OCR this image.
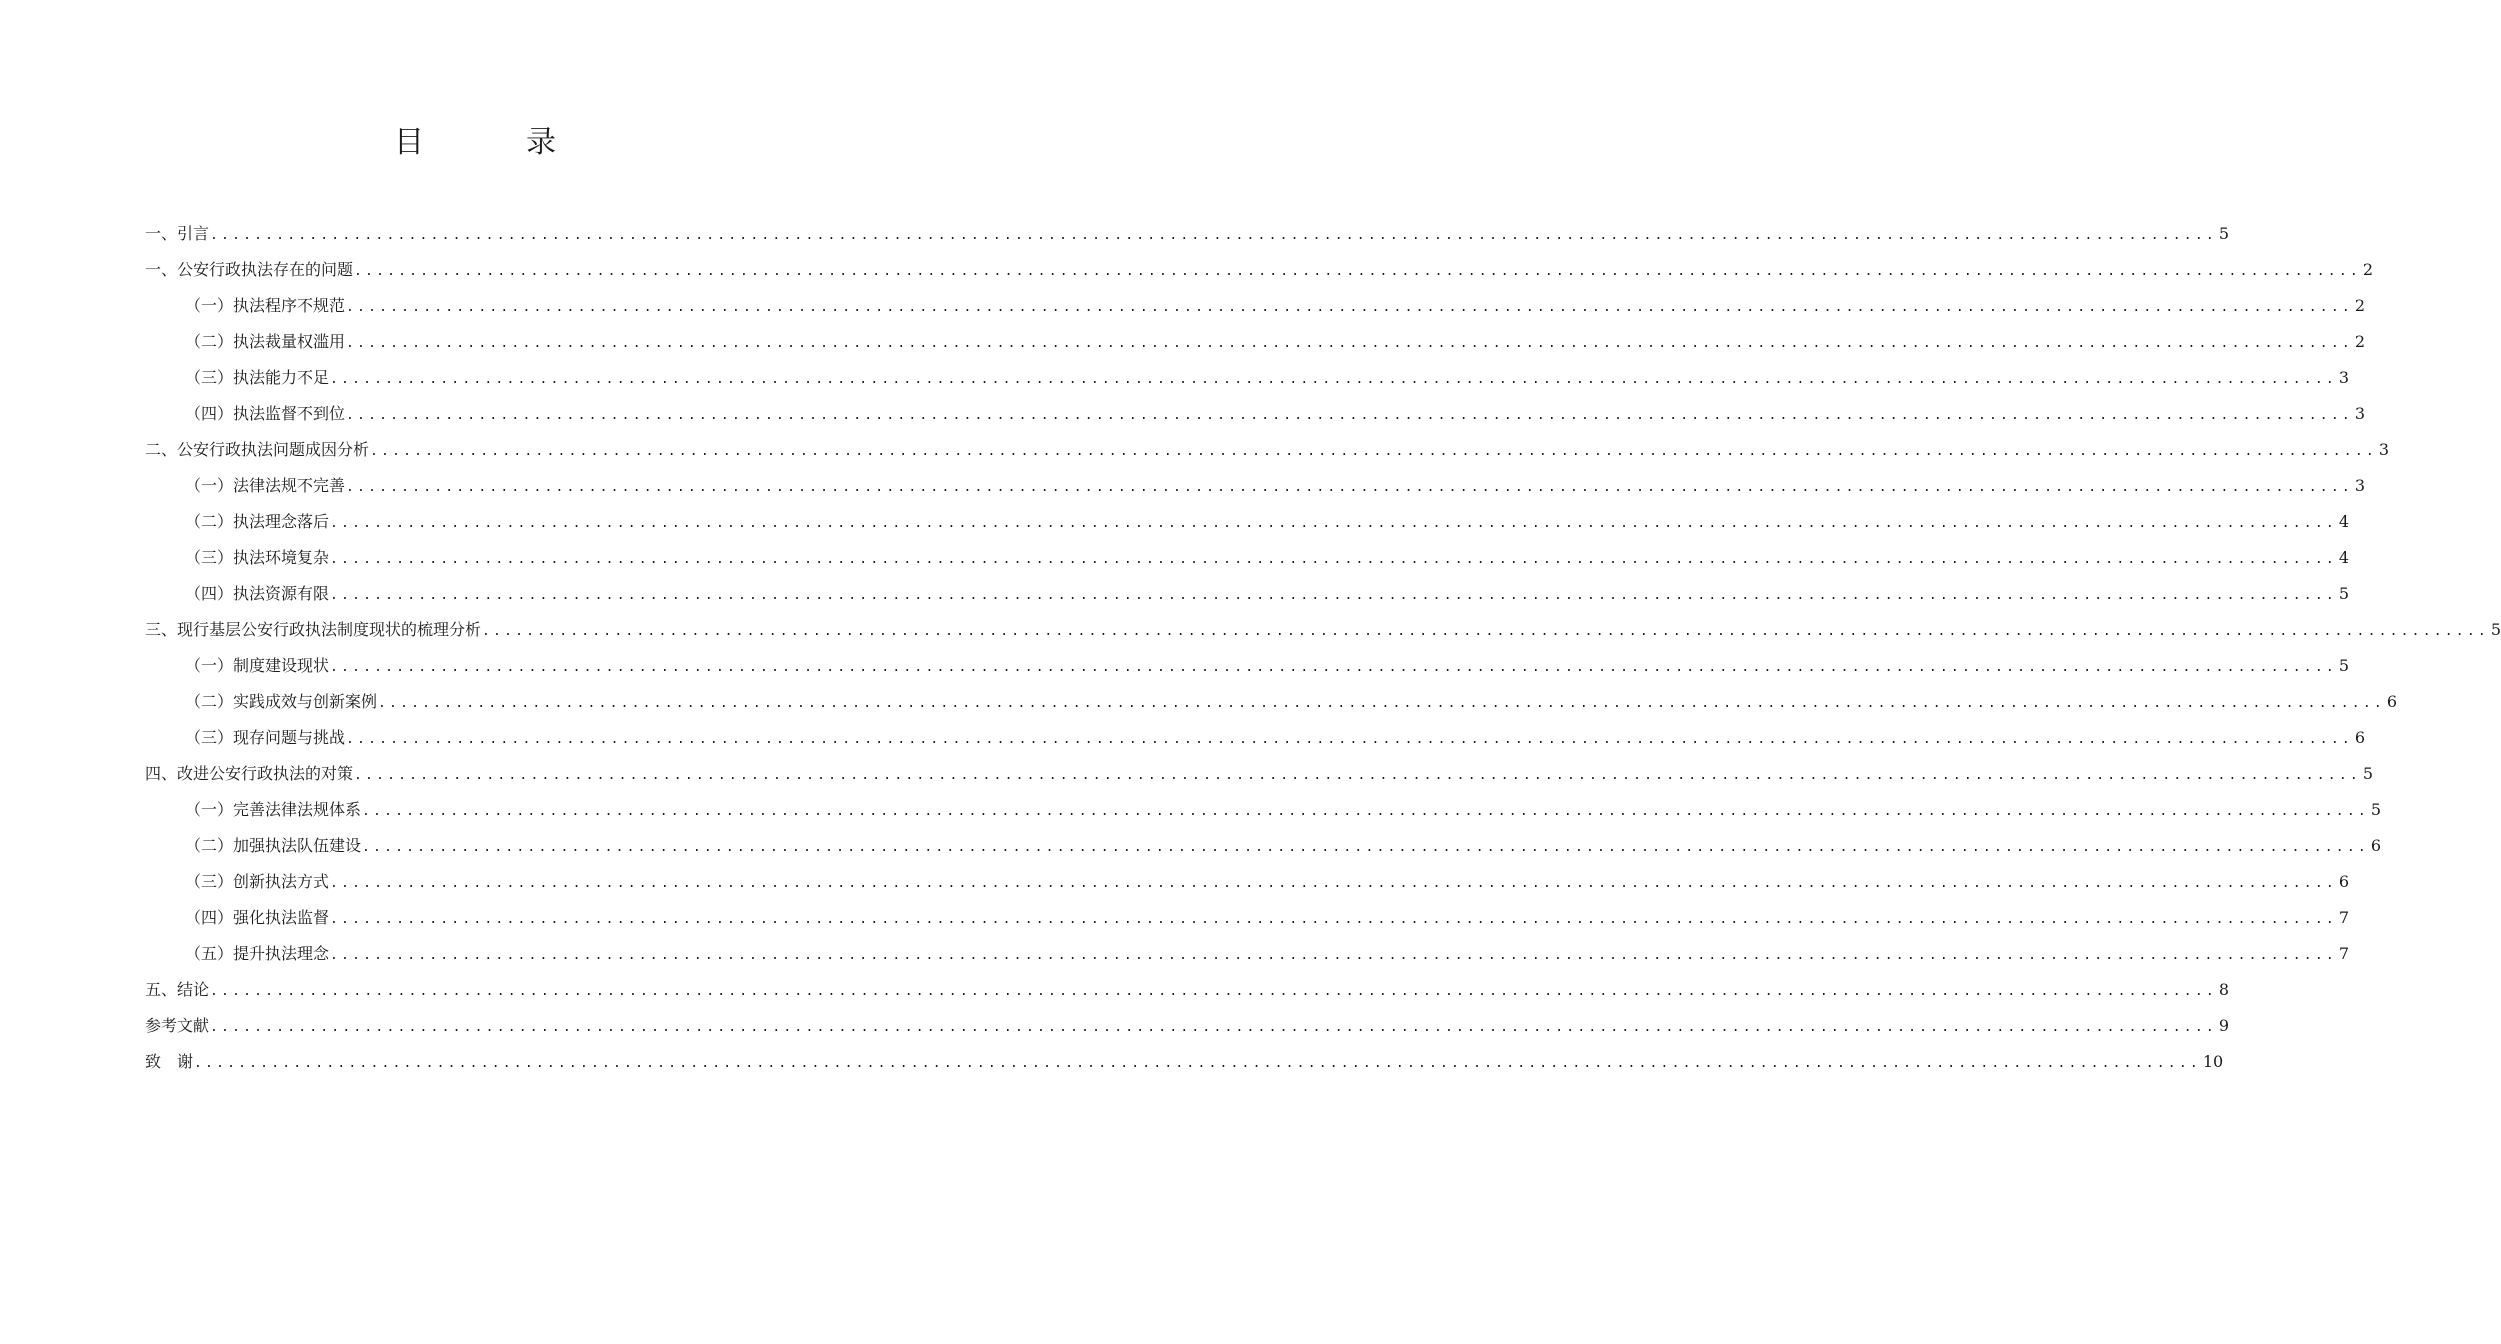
目　录
一、引言 ...................................................................................................................................................................................... 5
一、公安行政执法存在的问题 ...................................................................................................................................................................................... 2
（一）执法程序不规范 ...................................................................................................................................................................................... 2
（二）执法裁量权滥用 ...................................................................................................................................................................................... 2
（三）执法能力不足 ...................................................................................................................................................................................... 3
（四）执法监督不到位 ...................................................................................................................................................................................... 3
二、公安行政执法问题成因分析 ...................................................................................................................................................................................... 3
（一）法律法规不完善 ...................................................................................................................................................................................... 3
（二）执法理念落后 ...................................................................................................................................................................................... 4
（三）执法环境复杂 ...................................................................................................................................................................................... 4
（四）执法资源有限 ...................................................................................................................................................................................... 5
三、现行基层公安行政执法制度现状的梳理分析 ...................................................................................................................................................................................... 5
（一）制度建设现状 ...................................................................................................................................................................................... 5
（二）实践成效与创新案例 ...................................................................................................................................................................................... 6
（三）现存问题与挑战 ...................................................................................................................................................................................... 6
四、改进公安行政执法的对策 ...................................................................................................................................................................................... 5
（一）完善法律法规体系 ...................................................................................................................................................................................... 5
（二）加强执法队伍建设 ...................................................................................................................................................................................... 6
（三）创新执法方式 ...................................................................................................................................................................................... 6
（四）强化执法监督 ...................................................................................................................................................................................... 7
（五）提升执法理念 ...................................................................................................................................................................................... 7
五、结论 ...................................................................................................................................................................................... 8
参考文献 ...................................................................................................................................................................................... 9
致　谢 ...................................................................................................................................................................................... 10
